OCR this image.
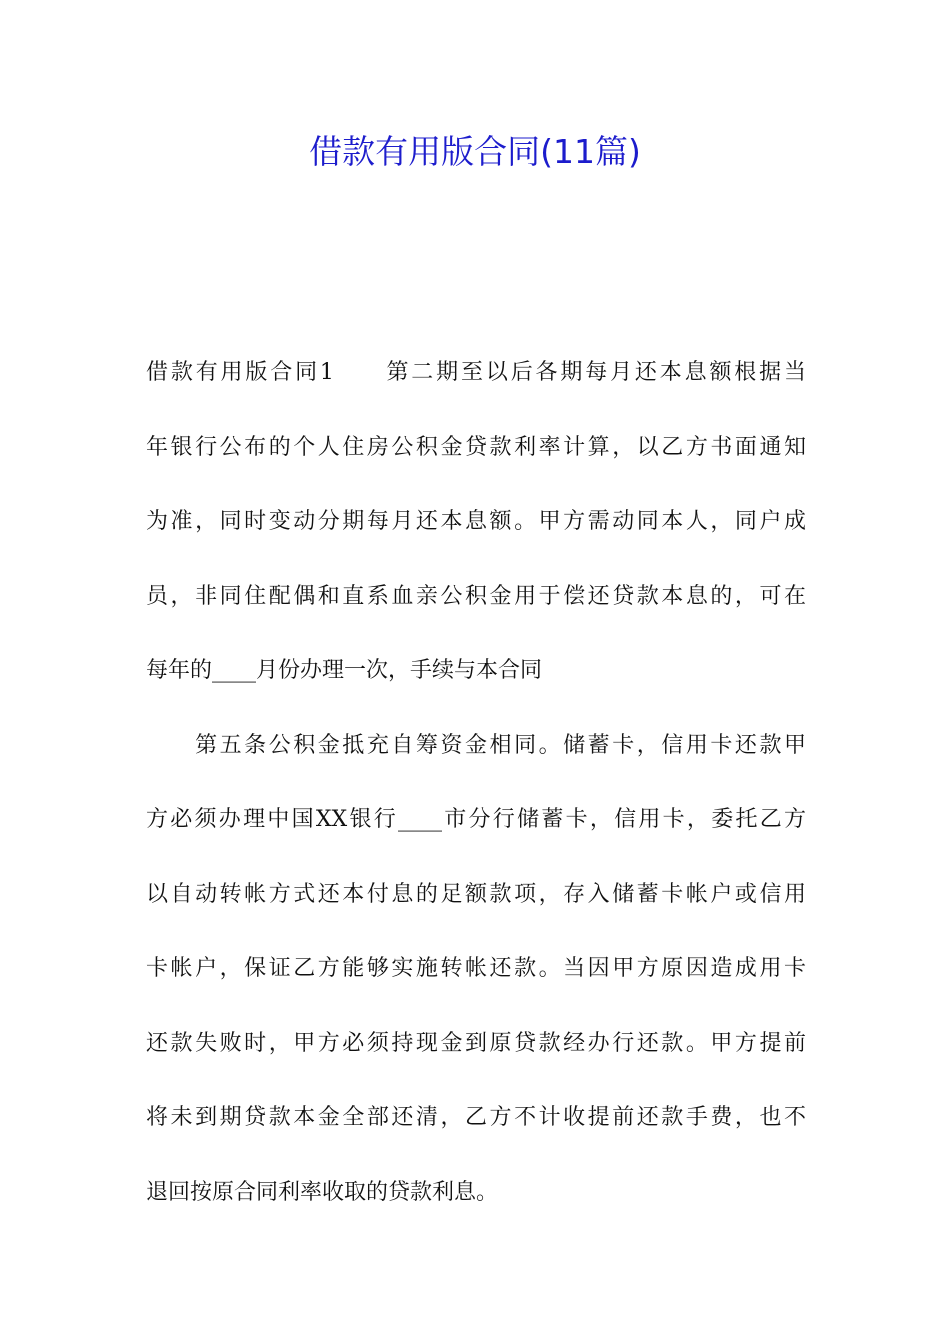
借款有用版合同(11篇)
借款有用版合同1　　第二期至以后各期每月还本息额根据当
年银行公布的个人住房公积金贷款利率计算，以乙方书面通知
为准，同时变动分期每月还本息额。甲方需动同本人，同户成
员，非同住配偶和直系血亲公积金用于偿还贷款本息的，可在
每年的____月份办理一次，手续与本合同
　　第五条公积金抵充自筹资金相同。储蓄卡，信用卡还款甲
方必须办理中国XX银行____市分行储蓄卡，信用卡，委托乙方
以自动转帐方式还本付息的足额款项，存入储蓄卡帐户或信用
卡帐户，保证乙方能够实施转帐还款。当因甲方原因造成用卡
还款失败时，甲方必须持现金到原贷款经办行还款。甲方提前
将未到期贷款本金全部还清，乙方不计收提前还款手费，也不
退回按原合同利率收取的贷款利息。
